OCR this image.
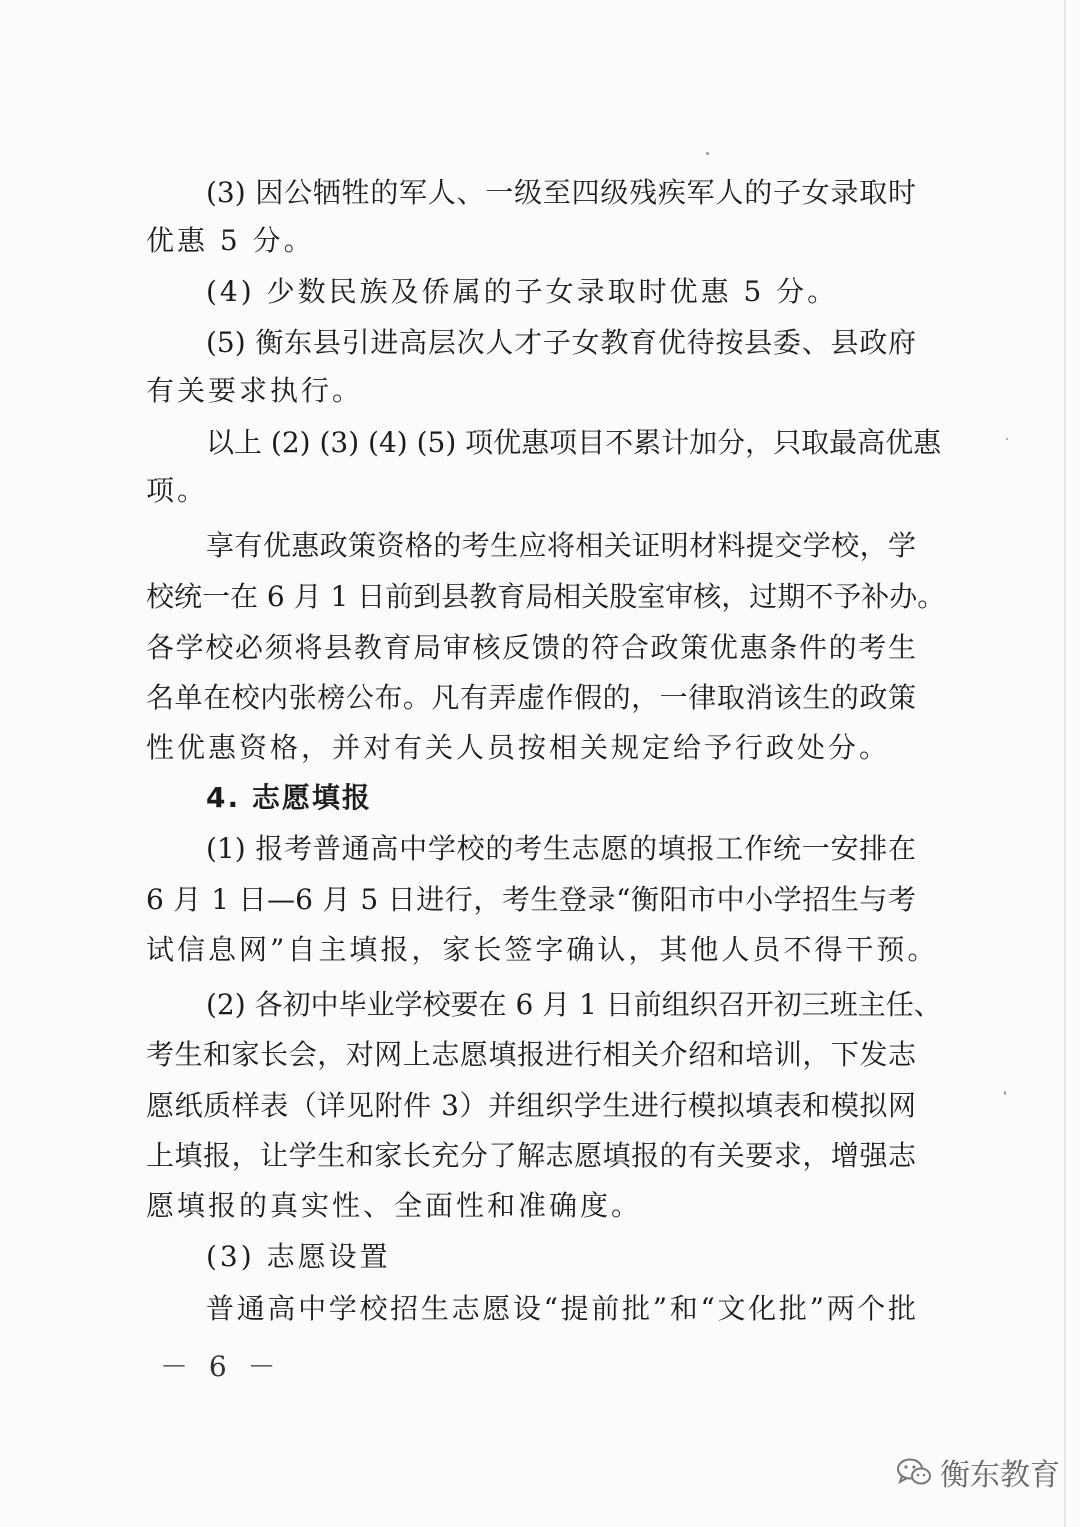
(3) 因公牺牲的军人、一级至四级残疾军人的子女录取时
优惠 5 分。
(4) 少数民族及侨属的子女录取时优惠 5 分。
(5) 衡东县引进高层次人才子女教育优待按县委、县政府
有关要求执行。
以上 (2) (3) (4) (5) 项优惠项目不累计加分，只取最高优惠
项。
享有优惠政策资格的考生应将相关证明材料提交学校，学
校统一在 6 月 1 日前到县教育局相关股室审核，过期不予补办。
各学校必须将县教育局审核反馈的符合政策优惠条件的考生
名单在校内张榜公布。凡有弄虚作假的，一律取消该生的政策
性优惠资格，并对有关人员按相关规定给予行政处分。
4. 志愿填报
(1) 报考普通高中学校的考生志愿的填报工作统一安排在
6 月 1 日—6 月 5 日进行，考生登录“衡阳市中小学招生与考
试信息网”自主填报，家长签字确认，其他人员不得干预。
(2) 各初中毕业学校要在 6 月 1 日前组织召开初三班主任、
考生和家长会，对网上志愿填报进行相关介绍和培训，下发志
愿纸质样表（详见附件 3）并组织学生进行模拟填表和模拟网
上填报，让学生和家长充分了解志愿填报的有关要求，增强志
愿填报的真实性、全面性和准确度。
(3) 志愿设置
普通高中学校招生志愿设“提前批”和“文化批”两个批
－ 6 －
衡东教育
